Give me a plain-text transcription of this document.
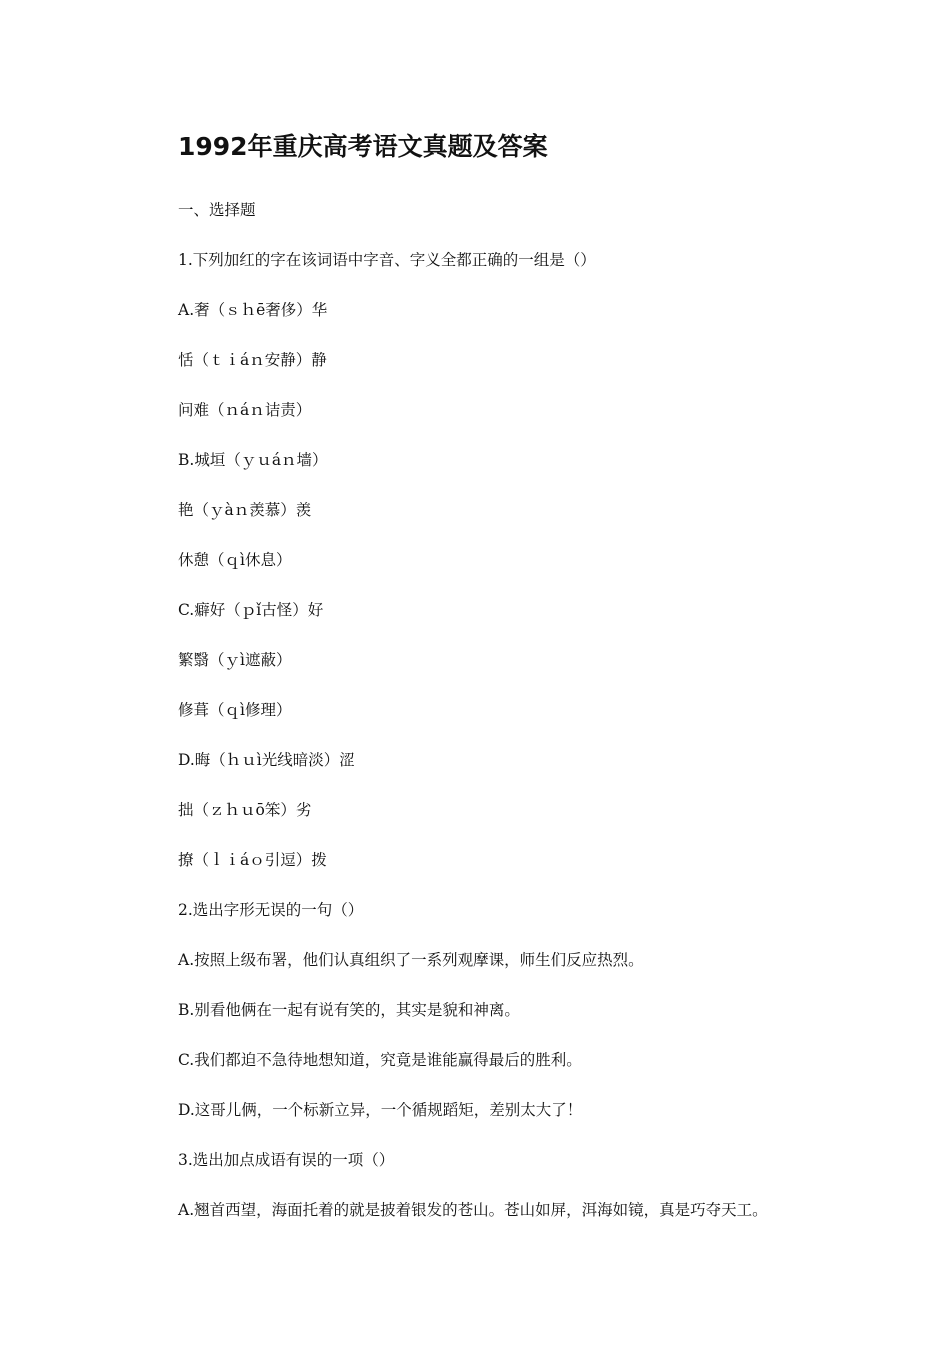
1992年重庆高考语文真题及答案
一、选择题
1.下列加红的字在该词语中字音、字义全都正确的一组是（）
A.奢（ｓｈē奢侈）华
恬（ｔｉáｎ安静）静
问难（ｎáｎ诘责）
B.城垣（ｙｕáｎ墙）
艳（ｙàｎ羡慕）羡
休憩（ｑì休息）
C.癖好（ｐǐ古怪）好
繁翳（ｙì遮蔽）
修葺（ｑì修理）
D.晦（ｈｕì光线暗淡）涩
拙（ｚｈｕō笨）劣
撩（ｌｉáｏ引逗）拨
2.选出字形无误的一句（）
A.按照上级布署，他们认真组织了一系列观摩课，师生们反应热烈。
B.别看他俩在一起有说有笑的，其实是貌和神离。
C.我们都迫不急待地想知道，究竟是谁能赢得最后的胜利。
D.这哥儿俩，一个标新立异，一个循规蹈矩，差别太大了！
3.选出加点成语有误的一项（）
A.翘首西望，海面托着的就是披着银发的苍山。苍山如屏，洱海如镜，真是巧夺天工。
